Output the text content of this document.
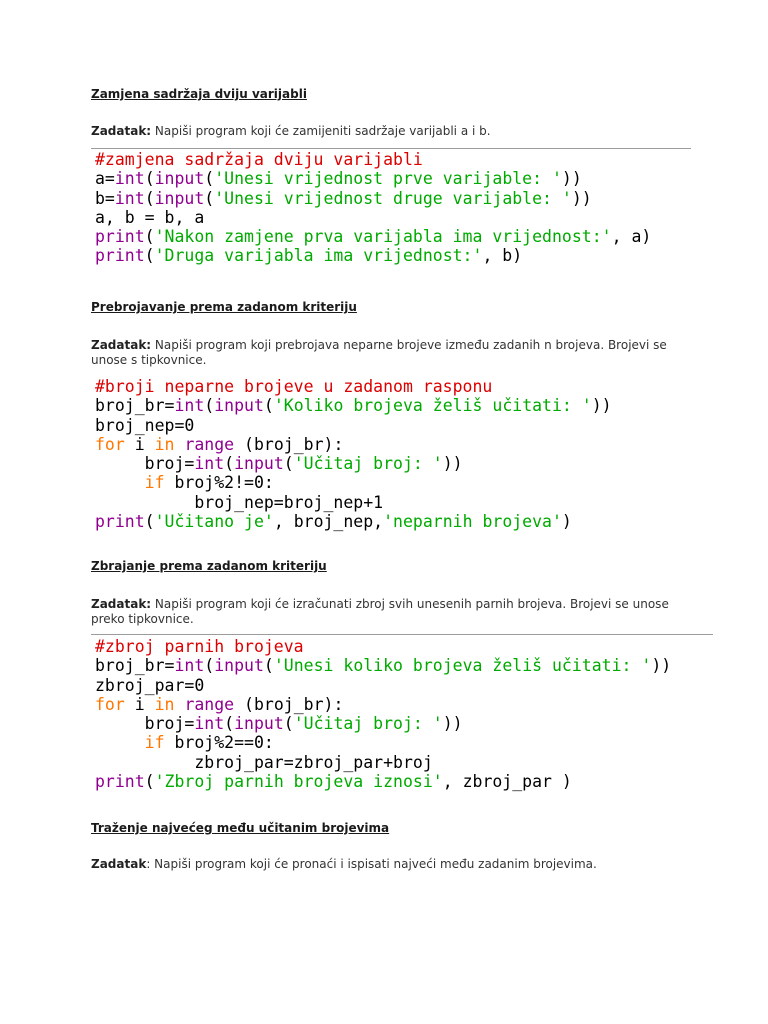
Zamjena sadržaja dviju varijabli
Zadatak: Napiši program koji će zamijeniti sadržaje varijabli a i b.
#zamjena sadržaja dviju varijabli
a=int(input('Unesi vrijednost prve varijable: '))
b=int(input('Unesi vrijednost druge varijable: '))
a, b = b, a
print('Nakon zamjene prva varijabla ima vrijednost:', a)
print('Druga varijabla ima vrijednost:', b)
Prebrojavanje prema zadanom kriteriju
Zadatak: Napiši program koji prebrojava neparne brojeve između zadanih n brojeva. Brojevi se unose s tipkovnice.
#broji neparne brojeve u zadanom rasponu
broj_br=int(input('Koliko brojeva želiš učitati: '))
broj_nep=0
for i in range (broj_br):
broj=int(input('Učitaj broj: '))
if broj%2!=0:
broj_nep=broj_nep+1
print('Učitano je', broj_nep,'neparnih brojeva')
Zbrajanje prema zadanom kriteriju
Zadatak: Napiši program koji će izračunati zbroj svih unesenih parnih brojeva. Brojevi se unose preko tipkovnice.
#zbroj parnih brojeva
broj_br=int(input('Unesi koliko brojeva želiš učitati: '))
zbroj_par=0
for i in range (broj_br):
broj=int(input('Učitaj broj: '))
if broj%2==0:
zbroj_par=zbroj_par+broj
print('Zbroj parnih brojeva iznosi', zbroj_par )
Traženje najvećeg među učitanim brojevima
Zadatak: Napiši program koji će pronaći i ispisati najveći među zadanim brojevima.
